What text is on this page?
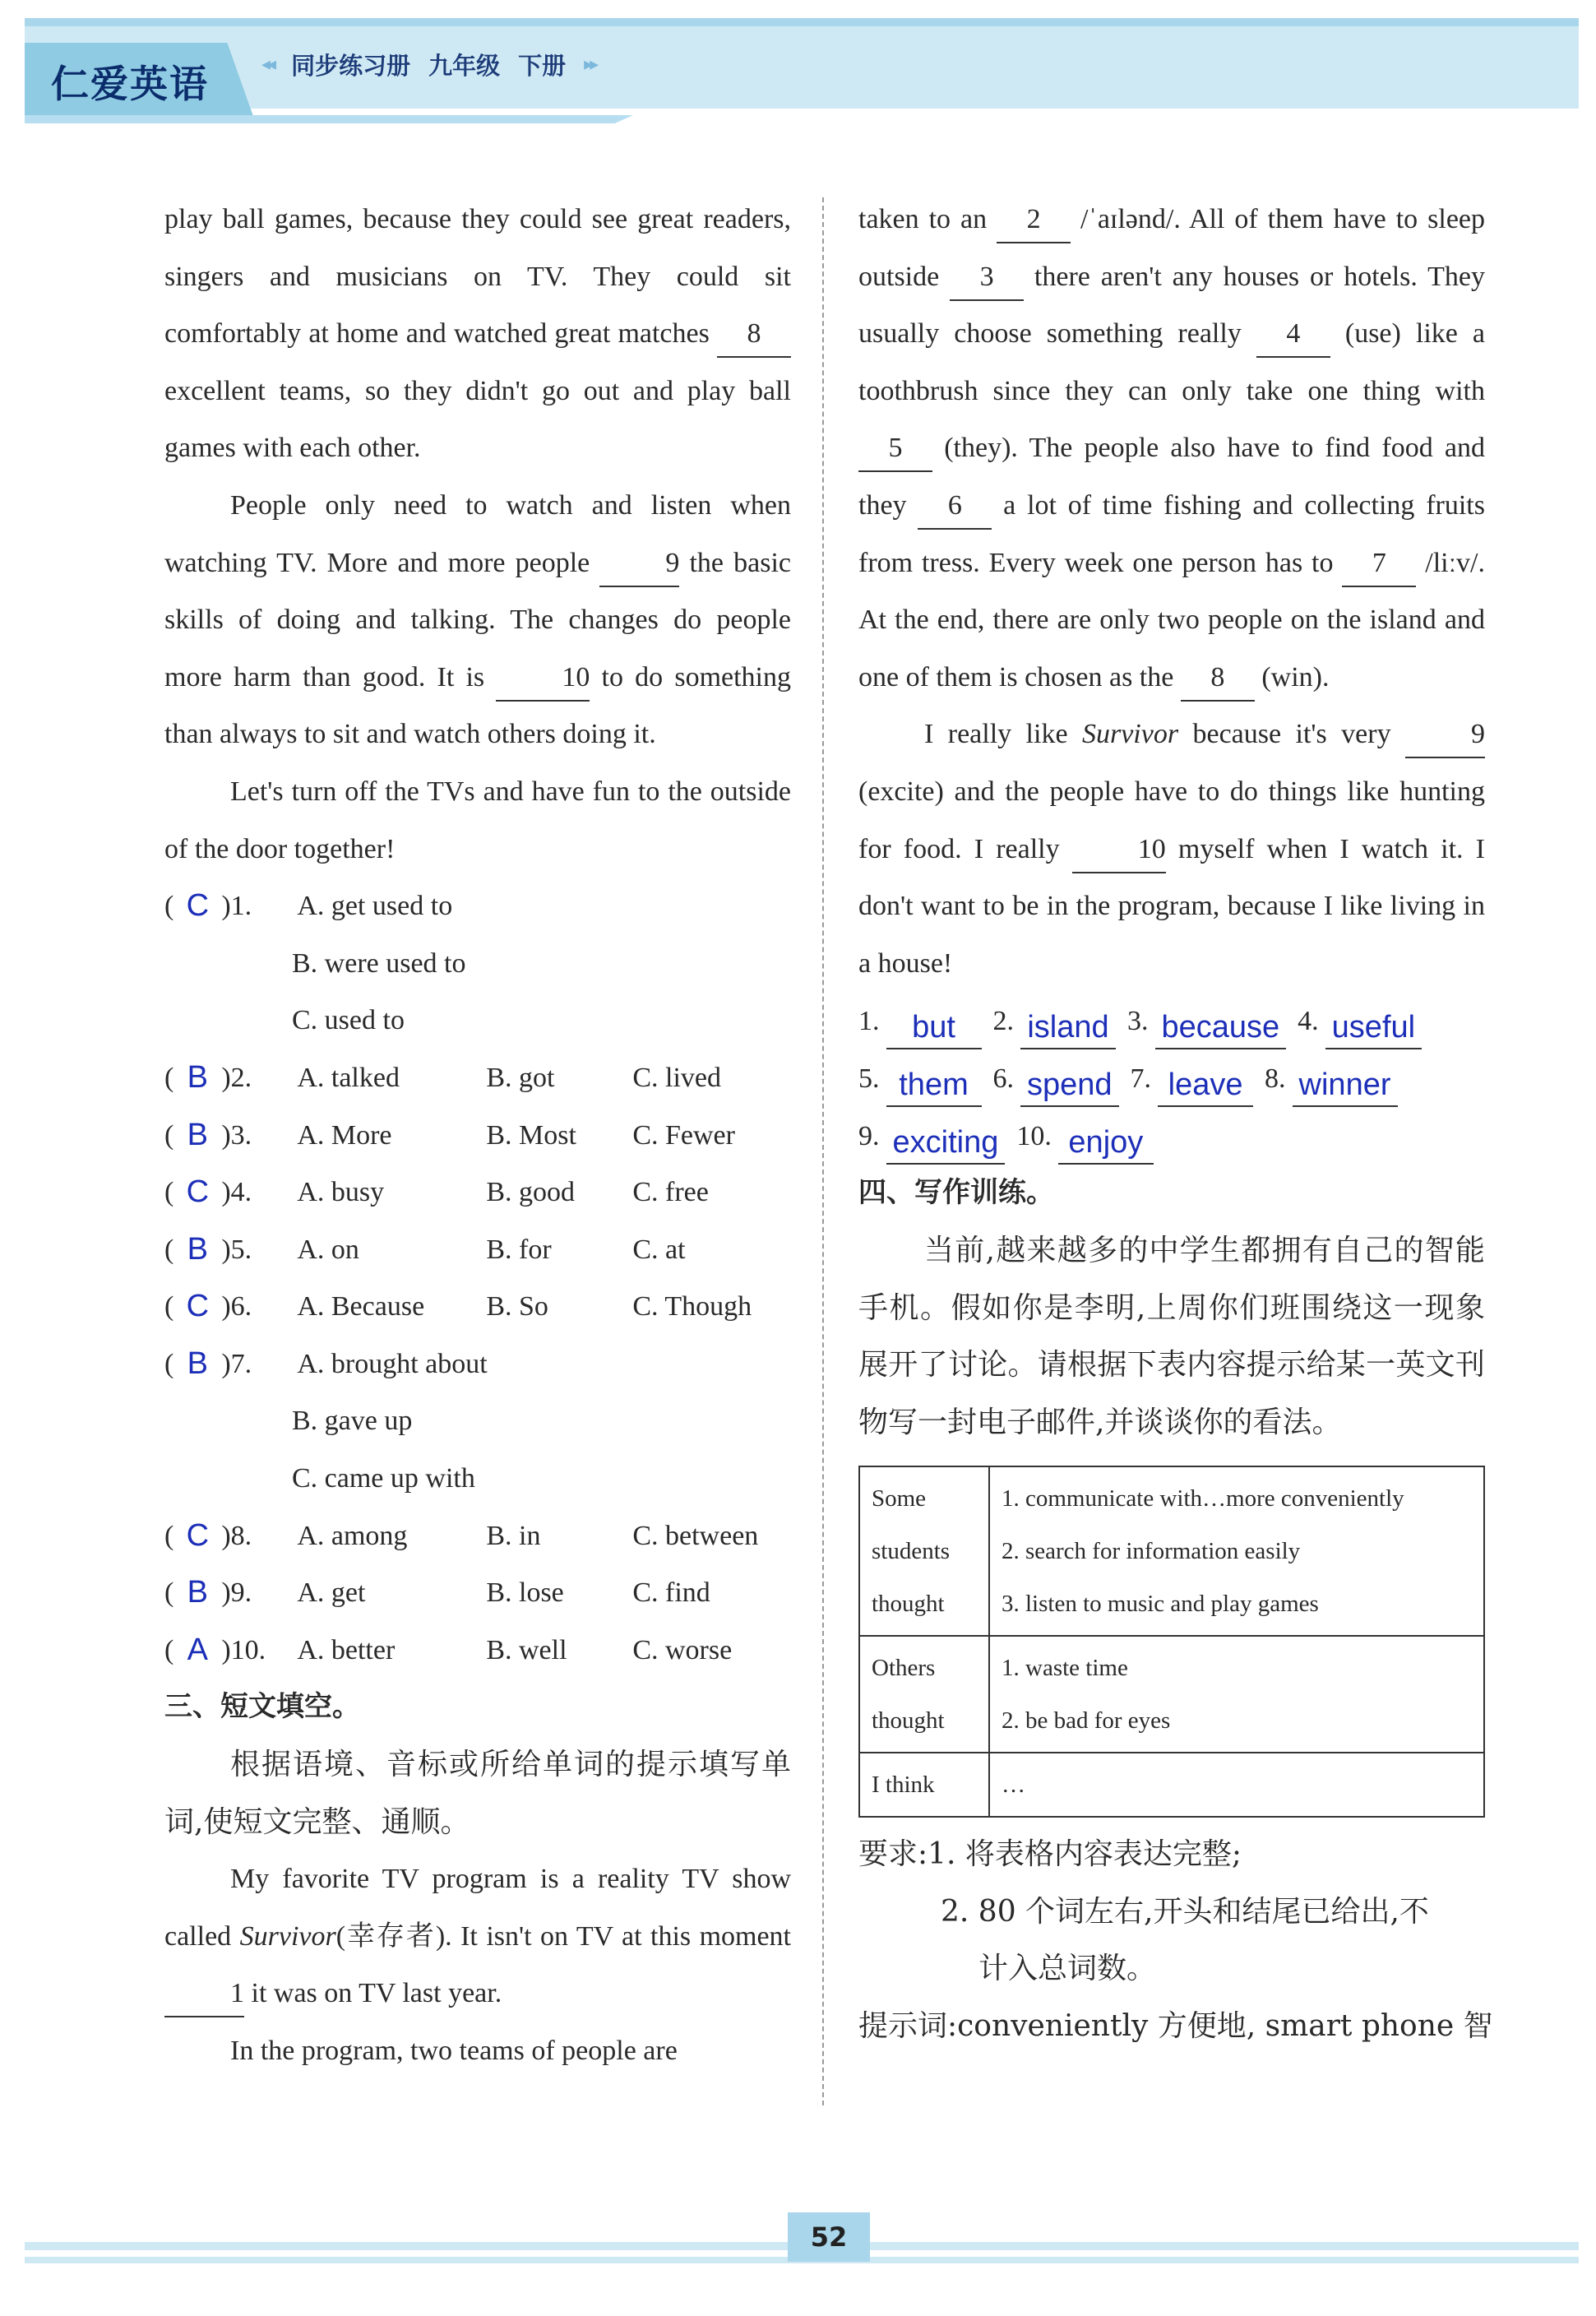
仁爱英语	◂◂ 同步练习册 九年级 下册 ▸▸

play ball games, because they could see great readers, singers and musicians on TV. They could sit comfortably at home and watched great matches 8 excellent teams, so they didn't go out and play ball games with each other.

People only need to watch and listen when watching TV. More and more people 9 the basic skills of doing and talking. The changes do people more harm than good. It is 10 to do something than always to sit and watch others doing it.

Let's turn off the TVs and have fun to the outside of the door together!

( C )1.	A. get used to
B. were used to
C. used to
( B )2.	A. talked	B. got	C. lived
( B )3.	A. More	B. Most	C. Fewer
( C )4.	A. busy	B. good	C. free
( B )5.	A. on	B. for	C. at
( C )6.	A. Because	B. So	C. Though
( B )7.	A. brought about
B. gave up
C. came up with
( C )8.	A. among	B. in	C. between
( B )9.	A. get	B. lose	C. find
( A )10.	A. better	B. well	C. worse
三、短文填空。

根据语境、音标或所给单词的提示填写单词,使短文完整、通顺。

My favorite TV program is a reality TV show called Survivor(幸存者). It isn't on TV at this moment 1 it was on TV last year.

In the program, two teams of people are

taken to an 2 /ˈaɪlənd/. All of them have to sleep outside 3 there aren't any houses or hotels. They usually choose something really 4 (use) like a toothbrush since they can only take one thing with 5 (they). The people also have to find food and they 6 a lot of time fishing and collecting fruits from tress. Every week one person has to 7 /liːv/. At the end, there are only two people on the island and one of them is chosen as the 8 (win).

I really like Survivor because it's very 9 (excite) and the people have to do things like hunting for food. I really 10 myself when I watch it. I don't want to be in the program, because I like living in a house!

1.	but	2. island 3. because 4. useful
5. them 6. spend 7. leave 8. winner
9. exciting 10. enjoy
四、写作训练。

当前,越来越多的中学生都拥有自己的智能手机。假如你是李明,上周你们班围绕这一现象展开了讨论。请根据下表内容提示给某一英文刊物写一封电子邮件,并谈谈你的看法。

Some students thought	1. communicate with…more conveniently
2. search for information easily
3. listen to music and play games

Others thought	1. waste time
2. be bad for eyes

I think	…
要求:1. 将表格内容表达完整;
2. 80 个词左右,开头和结尾已给出,不
计入总词数。
提示词:conveniently 方便地, smart phone 智
52
